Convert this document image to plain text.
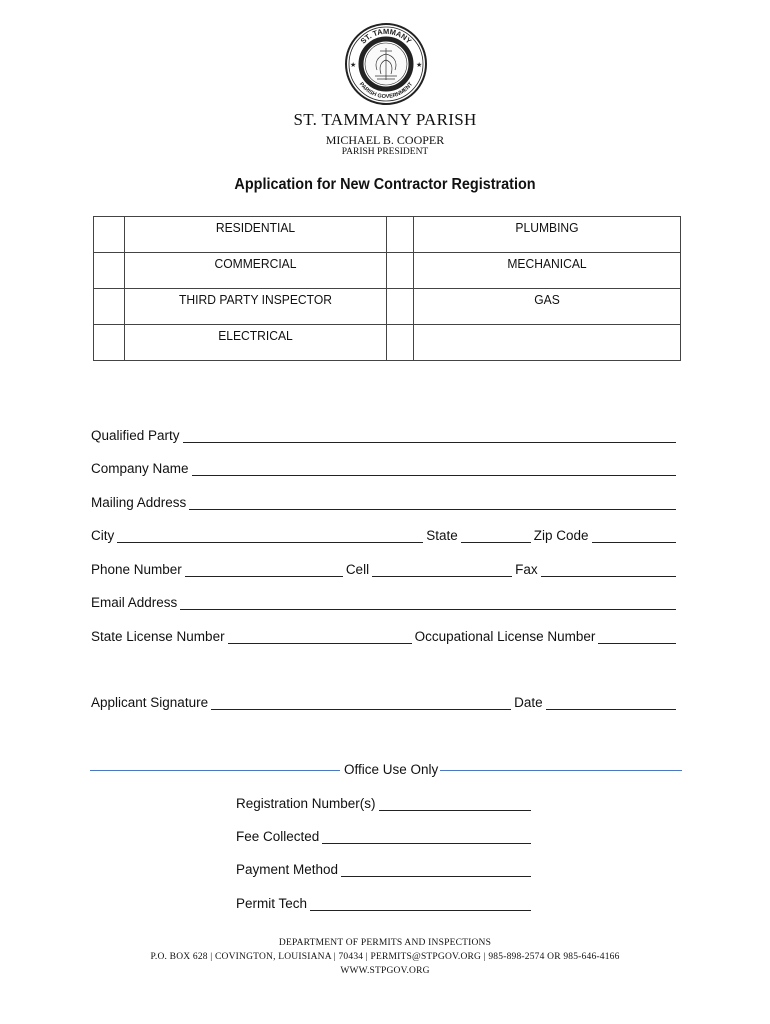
ST. TAMMANY
PARISH GOVERNMENT
★	★
ST. TAMMANY PARISH
MICHAEL B. COOPER
PARISH PRESIDENT
Application for New Contractor Registration

	RESIDENTIAL		PLUMBING

	COMMERCIAL		MECHANICAL

	THIRD PARTY INSPECTOR		GAS

	ELECTRICAL		

Qualified Party
Company Name
Mailing Address
City	State	Zip Code
Phone Number	Cell	Fax
Email Address
State License Number	Occupational License Number
Applicant Signature	Date
Office Use Only
Registration Number(s)
Fee Collected
Payment Method
Permit Tech
DEPARTMENT OF PERMITS AND INSPECTIONS
P.O. BOX 628 | COVINGTON, LOUISIANA | 70434 | PERMITS@STPGOV.ORG | 985-898-2574 OR 985-646-4166
WWW.STPGOV.ORG
